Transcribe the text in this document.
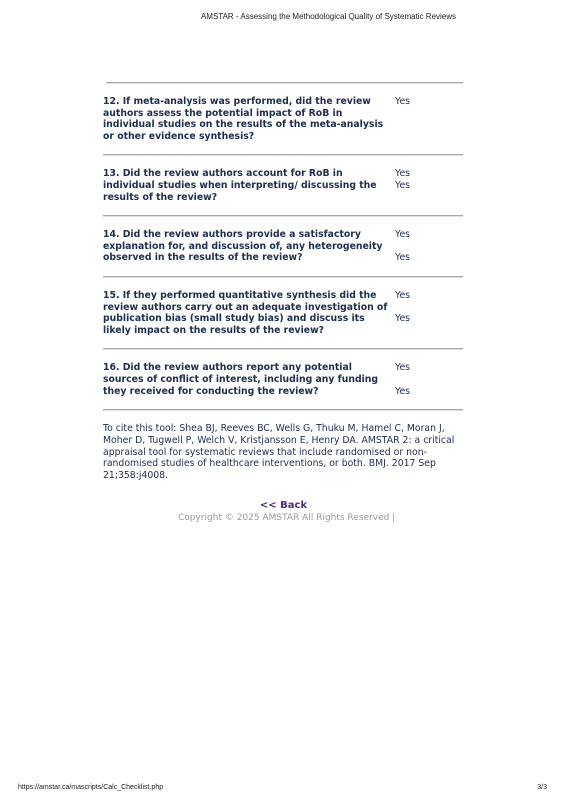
AMSTAR - Assessing the Methodological Quality of Systematic Reviews
12. If meta-analysis was performed, did the review authors assess the potential impact of RoB in individual studies on the results of the meta-analysis or other evidence synthesis?
Yes
13. Did the review authors account for RoB in individual studies when interpreting/ discussing the results of the review?
Yes
Yes
14. Did the review authors provide a satisfactory explanation for, and discussion of, any heterogeneity observed in the results of the review?
Yes
Yes
15. If they performed quantitative synthesis did the review authors carry out an adequate investigation of publication bias (small study bias) and discuss its likely impact on the results of the review?
Yes
Yes
16. Did the review authors report any potential sources of conflict of interest, including any funding they received for conducting the review?
Yes
Yes
To cite this tool: Shea BJ, Reeves BC, Wells G, Thuku M, Hamel C, Moran J, Moher D, Tugwell P, Welch V, Kristjansson E, Henry DA. AMSTAR 2: a critical appraisal tool for systematic reviews that include randomised or non-randomised studies of healthcare interventions, or both. BMJ. 2017 Sep 21;358:j4008.
<< Back
Copyright © 2025 AMSTAR All Rights Reserved |
https://amstar.ca/mascripts/Calc_Checklist.php	3/3
